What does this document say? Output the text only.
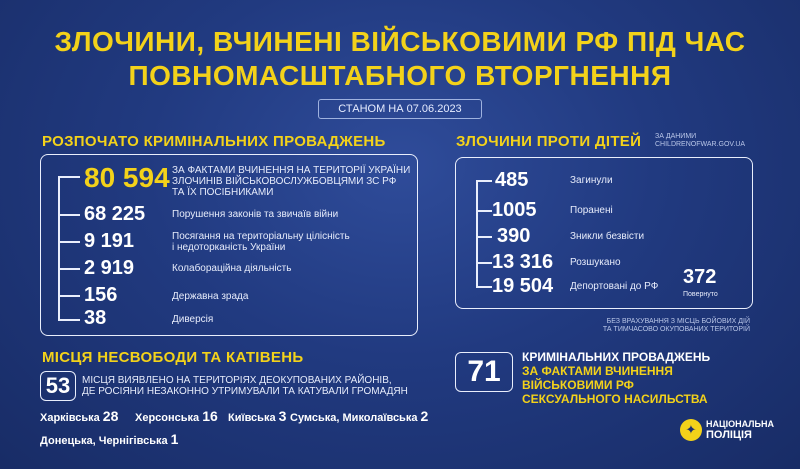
ЗЛОЧИНИ, ВЧИНЕНІ ВІЙСЬКОВИМИ РФ ПІД ЧАС
ПОВНОМАСШТАБНОГО ВТОРГНЕННЯ
СТАНОМ НА 07.06.2023
РОЗПОЧАТО КРИМІНАЛЬНИХ ПРОВАДЖЕНЬ
80 594 ЗА ФАКТАМИ ВЧИНЕННЯ НА ТЕРИТОРІЇ УКРАЇНИ
ЗЛОЧИНІВ ВІЙСЬКОВОСЛУЖБОВЦЯМИ ЗС РФ
ТА ЇХ ПОСІБНИКАМИ
68 225	Порушення законів та звичаїв війни
9 191	Посягання на територіальну цілісність
і недоторканість України
2 919	Колабораційна діяльність
156	Державна зрада
38	Диверсія
ЗЛОЧИНИ ПРОТИ ДІТЕЙ ЗА ДАНИМИ
CHILDRENOFWAR.GOV.UA
485	Загинули
1005	Поранені
390	Зникли безвісти
13 316 Розшукано
19 504 Депортовані до РФ 372
Повернуто
БЕЗ ВРАХУВАННЯ З МІСЦЬ БОЙОВИХ ДІЙ
ТА ТИМЧАСОВО ОКУПОВАНИХ ТЕРИТОРІЙ
МІСЦЯ НЕСВОБОДИ ТА КАТІВЕНЬ
53	МІСЦЯ ВИЯВЛЕНО НА ТЕРИТОРІЯХ ДЕОКУПОВАНИХ РАЙОНІВ,
ДЕ РОСІЯНИ НЕЗАКОННО УТРИМУВАЛИ ТА КАТУВАЛИ ГРОМАДЯН
Харківська 28 Херсонська 16 Київська 3 Сумська, Миколаївська 2
Донецька, Чернігівська 1
71	КРИМІНАЛЬНИХ ПРОВАДЖЕНЬ
ЗА ФАКТАМИ ВЧИНЕННЯ
ВІЙСЬКОВИМИ РФ
СЕКСУАЛЬНОГО НАСИЛЬСТВА
✦	НАЦІОНАЛЬНА
ПОЛІЦІЯ
